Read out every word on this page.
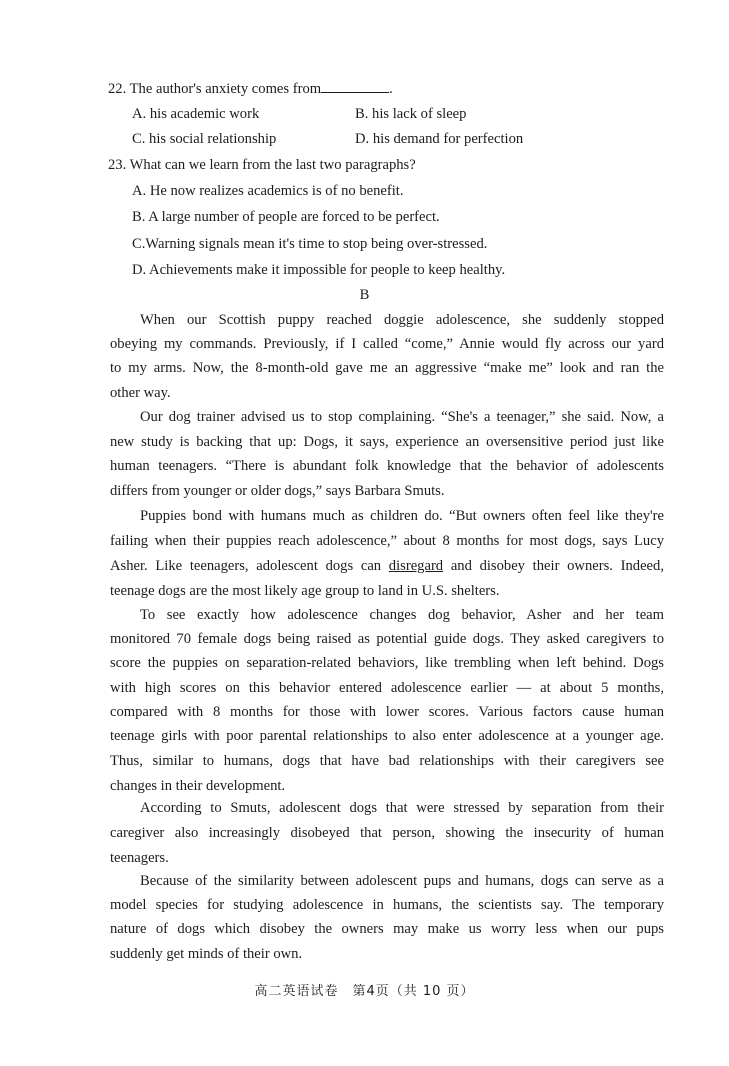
22. The author's anxiety comes from	.
A. his academic work	B. his lack of sleep
C. his social relationship	D. his demand for perfection
23. What can we learn from the last two paragraphs?
A. He now realizes academics is of no benefit.
B. A large number of people are forced to be perfect.
C.Warning signals mean it's time to stop being over-stressed.
D. Achievements make it impossible for people to keep healthy.
B
When our Scottish puppy reached doggie adolescence, she suddenly stopped
obeying my commands. Previously, if I called “come,” Annie would fly across our yard
to my arms. Now, the 8-month-old gave me an aggressive “make me” look and ran the
other way.
Our dog trainer advised us to stop complaining. “She's a teenager,” she said. Now, a
new study is backing that up: Dogs, it says, experience an oversensitive period just like
human teenagers. “There is abundant folk knowledge that the behavior of adolescents
differs from younger or older dogs,” says Barbara Smuts.
Puppies bond with humans much as children do. “But owners often feel like they're
failing when their puppies reach adolescence,” about 8 months for most dogs, says Lucy
Asher. Like teenagers, adolescent dogs can disregard and disobey their owners. Indeed,
teenage dogs are the most likely age group to land in U.S. shelters.
To see exactly how adolescence changes dog behavior, Asher and her team
monitored 70 female dogs being raised as potential guide dogs. They asked caregivers to
score the puppies on separation-related behaviors, like trembling when left behind. Dogs
with high scores on this behavior entered adolescence earlier — at about 5 months,
compared with 8 months for those with lower scores. Various factors cause human
teenage girls with poor parental relationships to also enter adolescence at a younger age.
Thus, similar to humans, dogs that have bad relationships with their caregivers see
changes in their development.
According to Smuts, adolescent dogs that were stressed by separation from their
caregiver also increasingly disobeyed that person, showing the insecurity of human
teenagers.
Because of the similarity between adolescent pups and humans, dogs can serve as a
model species for studying adolescence in humans, the scientists say. The temporary
nature of dogs which disobey the owners may make us worry less when our pups
suddenly get minds of their own.
高二英语试卷　第4页（共 10 页）
